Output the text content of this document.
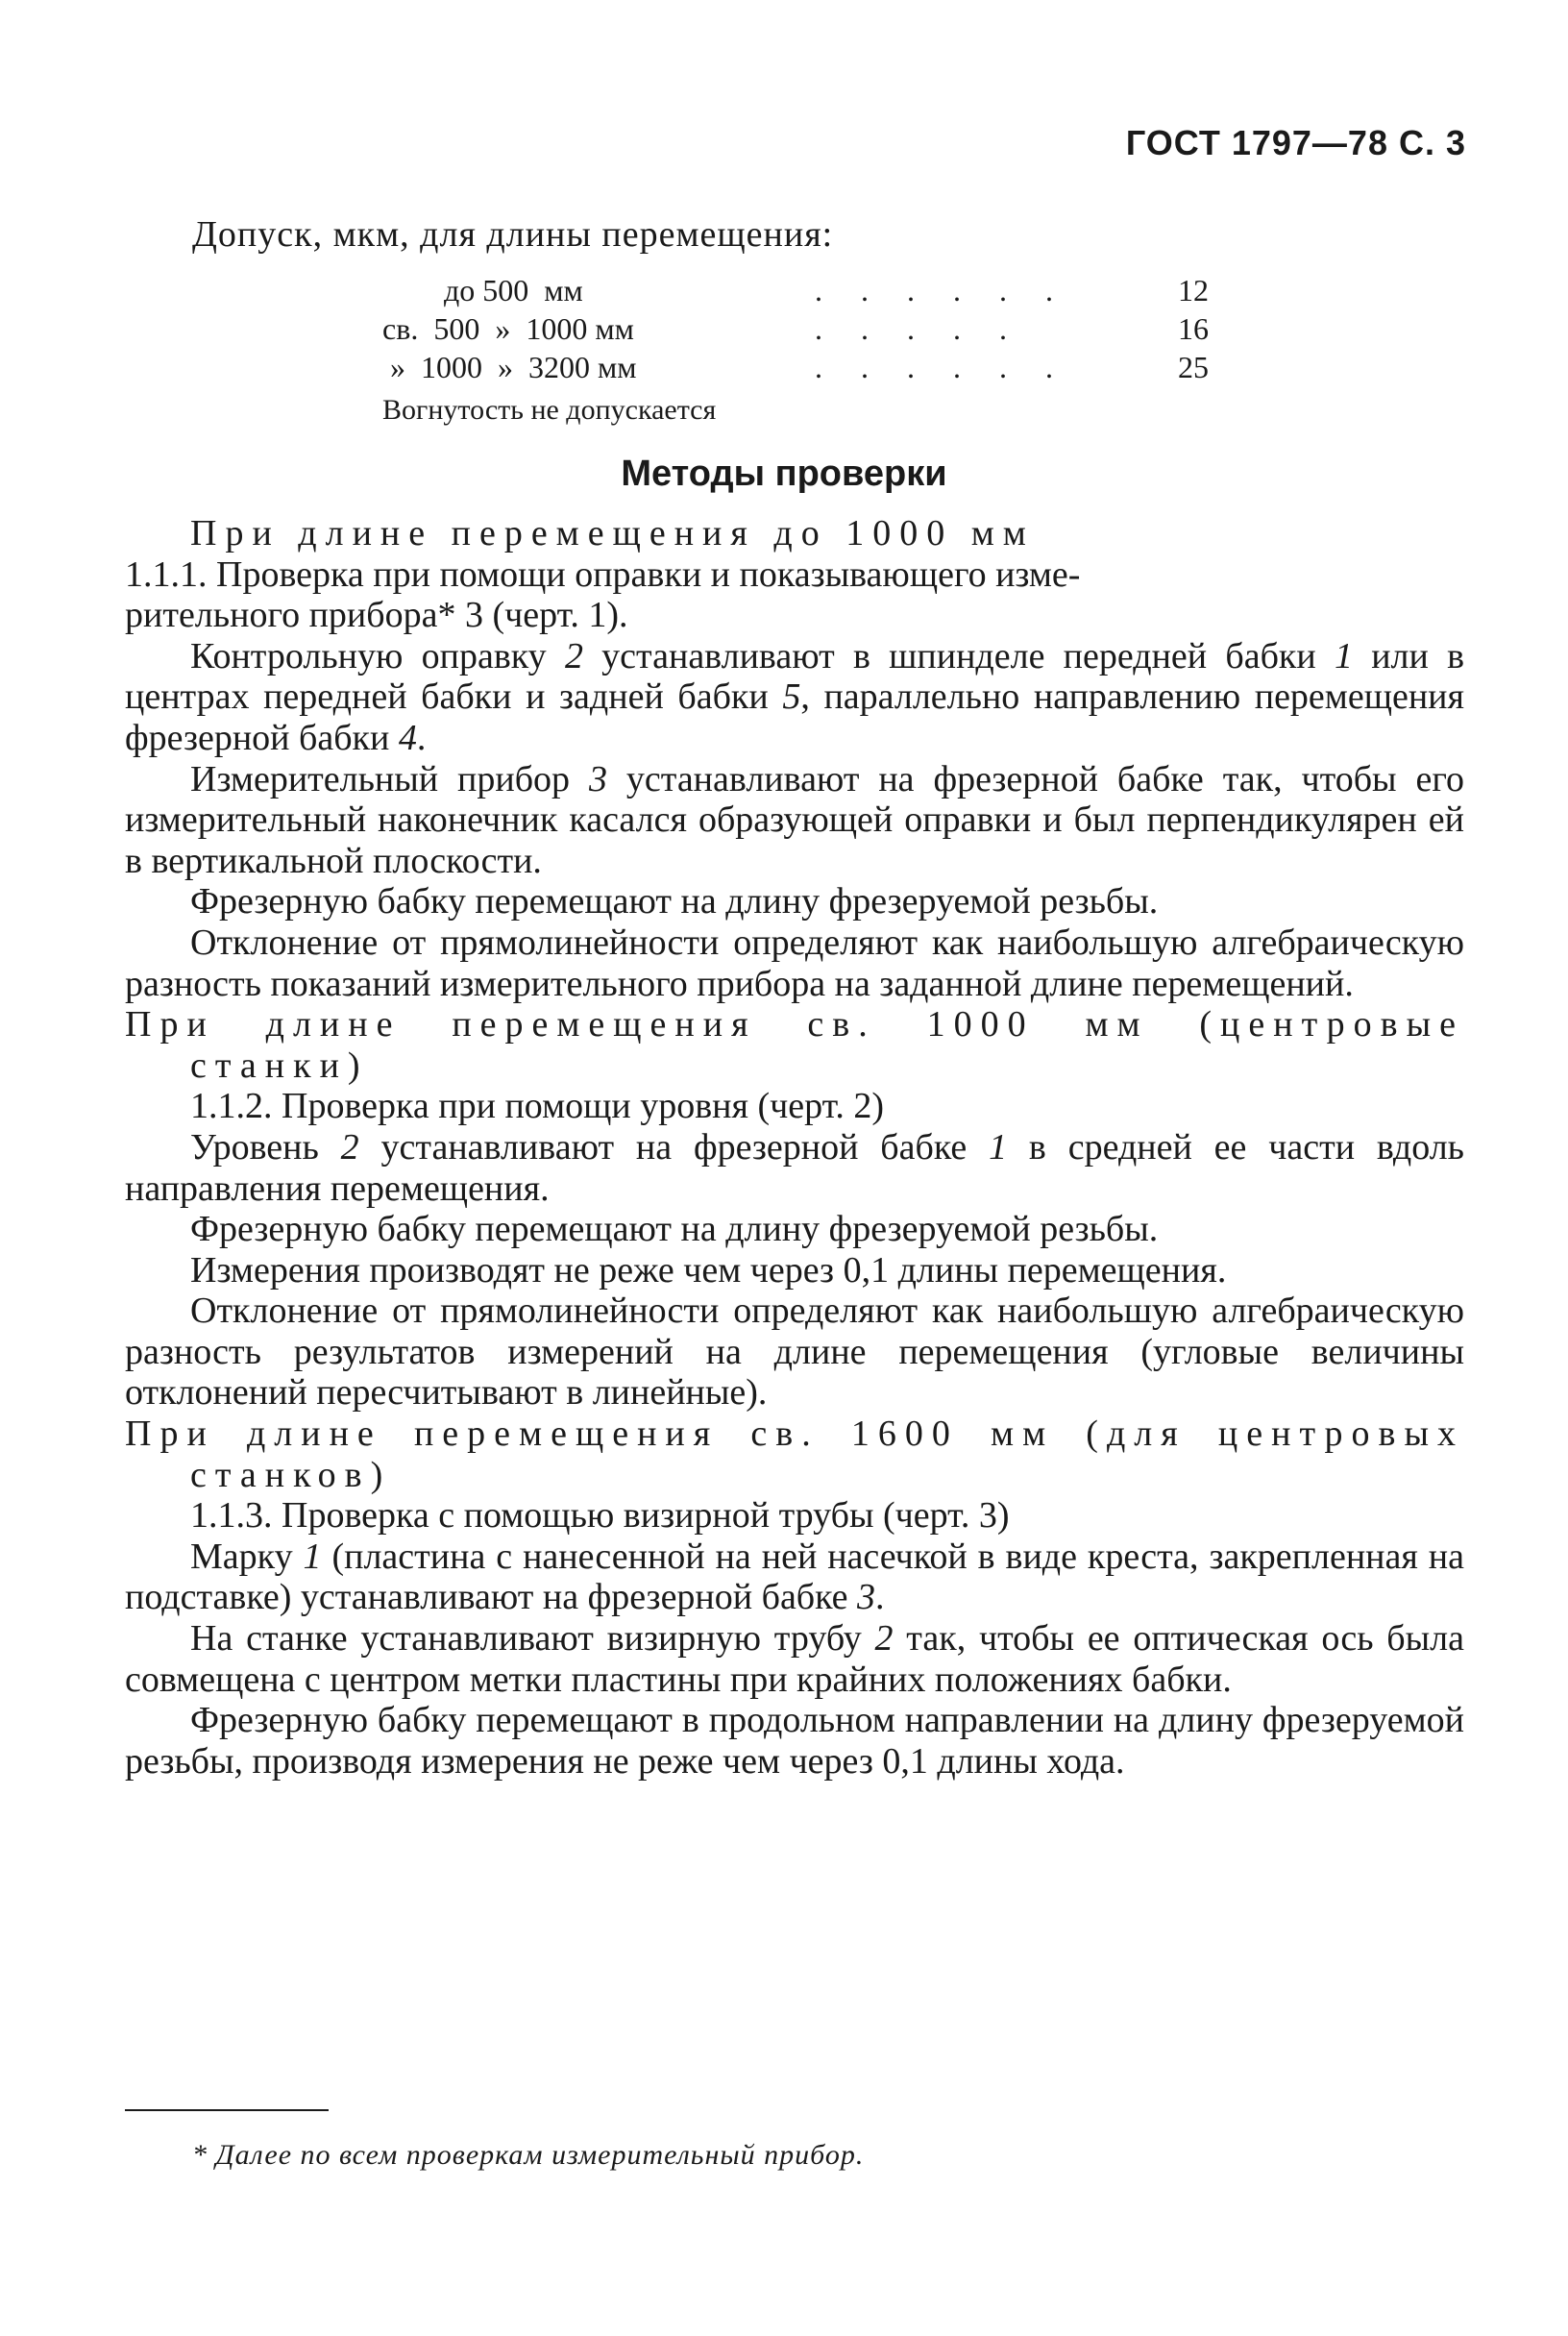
ГОСТ 1797—78 С. 3
Допуск, мкм, для длины перемещения:
до 500  мм	. . . . . .	12
св.  500  »  1000 мм	. . . . .	16
»  1000  »  3200 мм	. . . . . .	25
Вогнутость не допускается
Методы проверки

При длине перемещения до 1000 мм

1.1.1. Проверка при помощи оправки и показывающего изме-

рительного прибора* 3 (черт. 1).

Контрольную оправку 2 устанавливают в шпинделе передней бабки 1 или в центрах передней бабки и задней бабки 5, параллельно направлению перемещения фрезерной бабки 4.

Измерительный прибор 3 устанавливают на фрезерной бабке так, чтобы его измерительный наконечник касался образующей оправки и был перпендикулярен ей в вертикальной плоскости.

Фрезерную бабку перемещают на длину фрезеруемой резьбы.

Отклонение от прямолинейности определяют как наибольшую алгебраическую разность показаний измерительного прибора на заданной длине перемещений.

При длине перемещения св. 1000 мм (центровые

станки)

1.1.2. Проверка при помощи уровня (черт. 2)

Уровень 2 устанавливают на фрезерной бабке 1 в средней ее части вдоль направления перемещения.

Фрезерную бабку перемещают на длину фрезеруемой резьбы.

Измерения производят не реже чем через 0,1 длины перемещения.

Отклонение от прямолинейности определяют как наибольшую алгебраическую разность результатов измерений на длине перемещения (угловые величины отклонений пересчитывают в линейные).

При длине перемещения св. 1600 мм (для центровых

станков)

1.1.3. Проверка с помощью визирной трубы (черт. 3)

Марку 1 (пластина с нанесенной на ней насечкой в виде креста, закрепленная на подставке) устанавливают на фрезерной бабке 3.

На станке устанавливают визирную трубу 2 так, чтобы ее оптическая ось была совмещена с центром метки пластины при крайних положениях бабки.

Фрезерную бабку перемещают в продольном направлении на длину фрезеруемой резьбы, производя измерения не реже чем через 0,1 длины хода.

* Далее по всем проверкам измерительный прибор.
